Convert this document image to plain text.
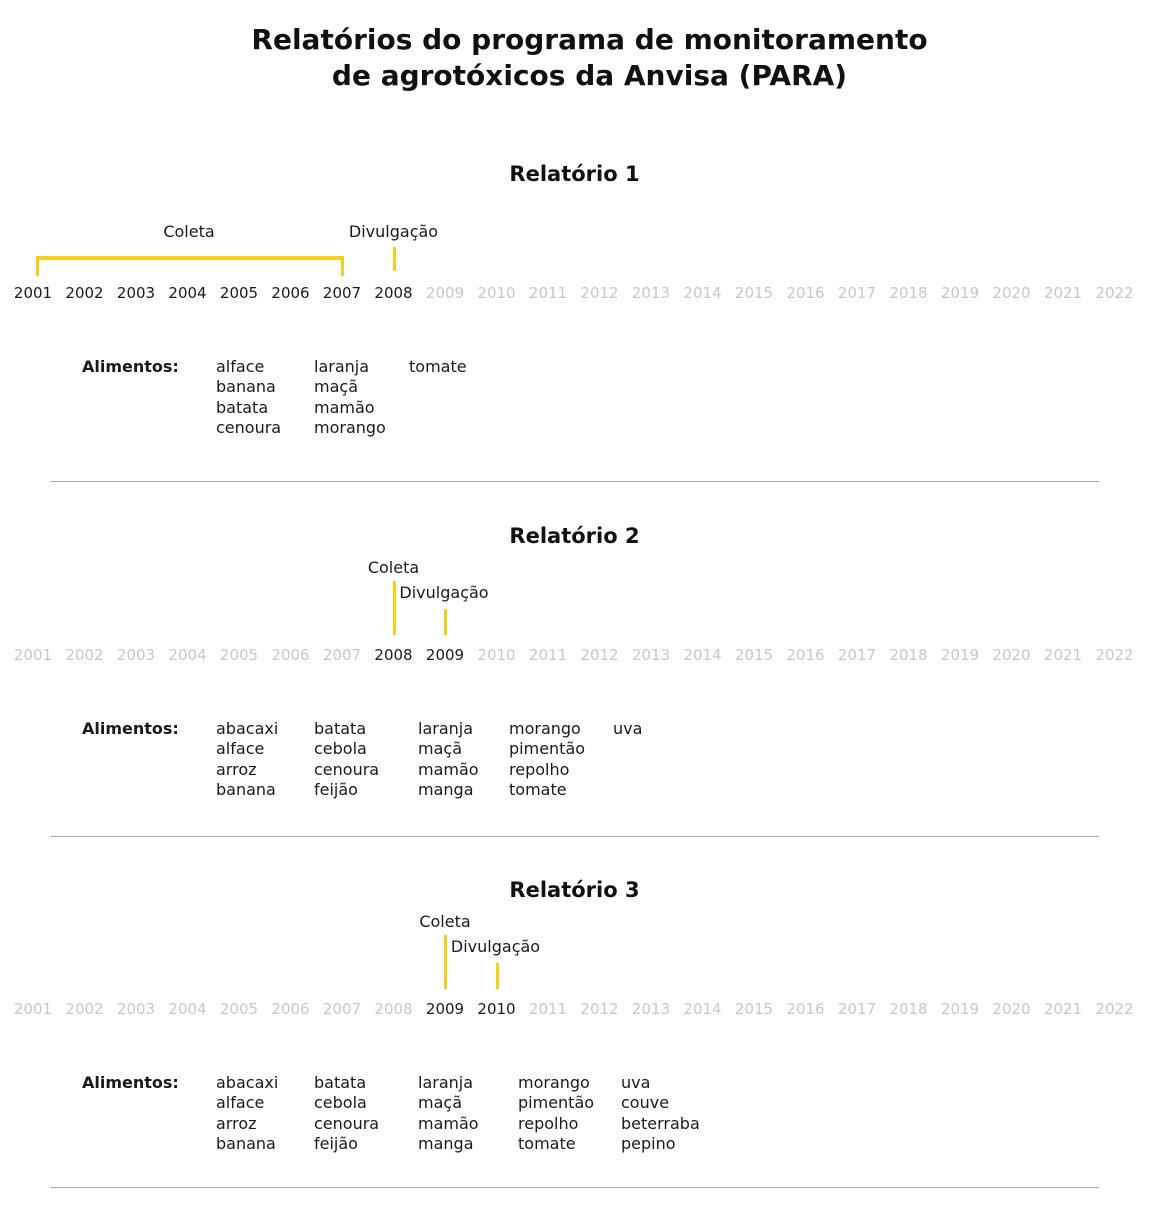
Relatórios do programa de monitoramento
de agrotóxicos da Anvisa (PARA)
Relatório 1
2001 2002 2003 2004 2005 2006 2007 2008 2009 2010 2011 2012 2013 2014 2015 2016 2017 2018 2019 2020 2021 2022
Coleta	Divulgação
Alimentos: alface
banana
batata
cenoura
laranja
maçã
mamão
morango
tomate
Relatório 2
2001 2002 2003 2004 2005 2006 2007 2008 2009 2010 2011 2012 2013 2014 2015 2016 2017 2018 2019 2020 2021 2022
Coleta
Divulgação
Alimentos: abacaxi
alface
arroz
banana
batata
cebola
cenoura
feijão
laranja
maçã
mamão
manga
morango
pimentão
repolho
tomate
uva
Relatório 3
2001 2002 2003 2004 2005 2006 2007 2008 2009 2010 2011 2012 2013 2014 2015 2016 2017 2018 2019 2020 2021 2022
Coleta
Divulgação
Alimentos: abacaxi
alface
arroz
banana
batata
cebola
cenoura
feijão
laranja
maçã
mamão
manga
morango
pimentão
repolho
tomate
uva
couve
beterraba
pepino
